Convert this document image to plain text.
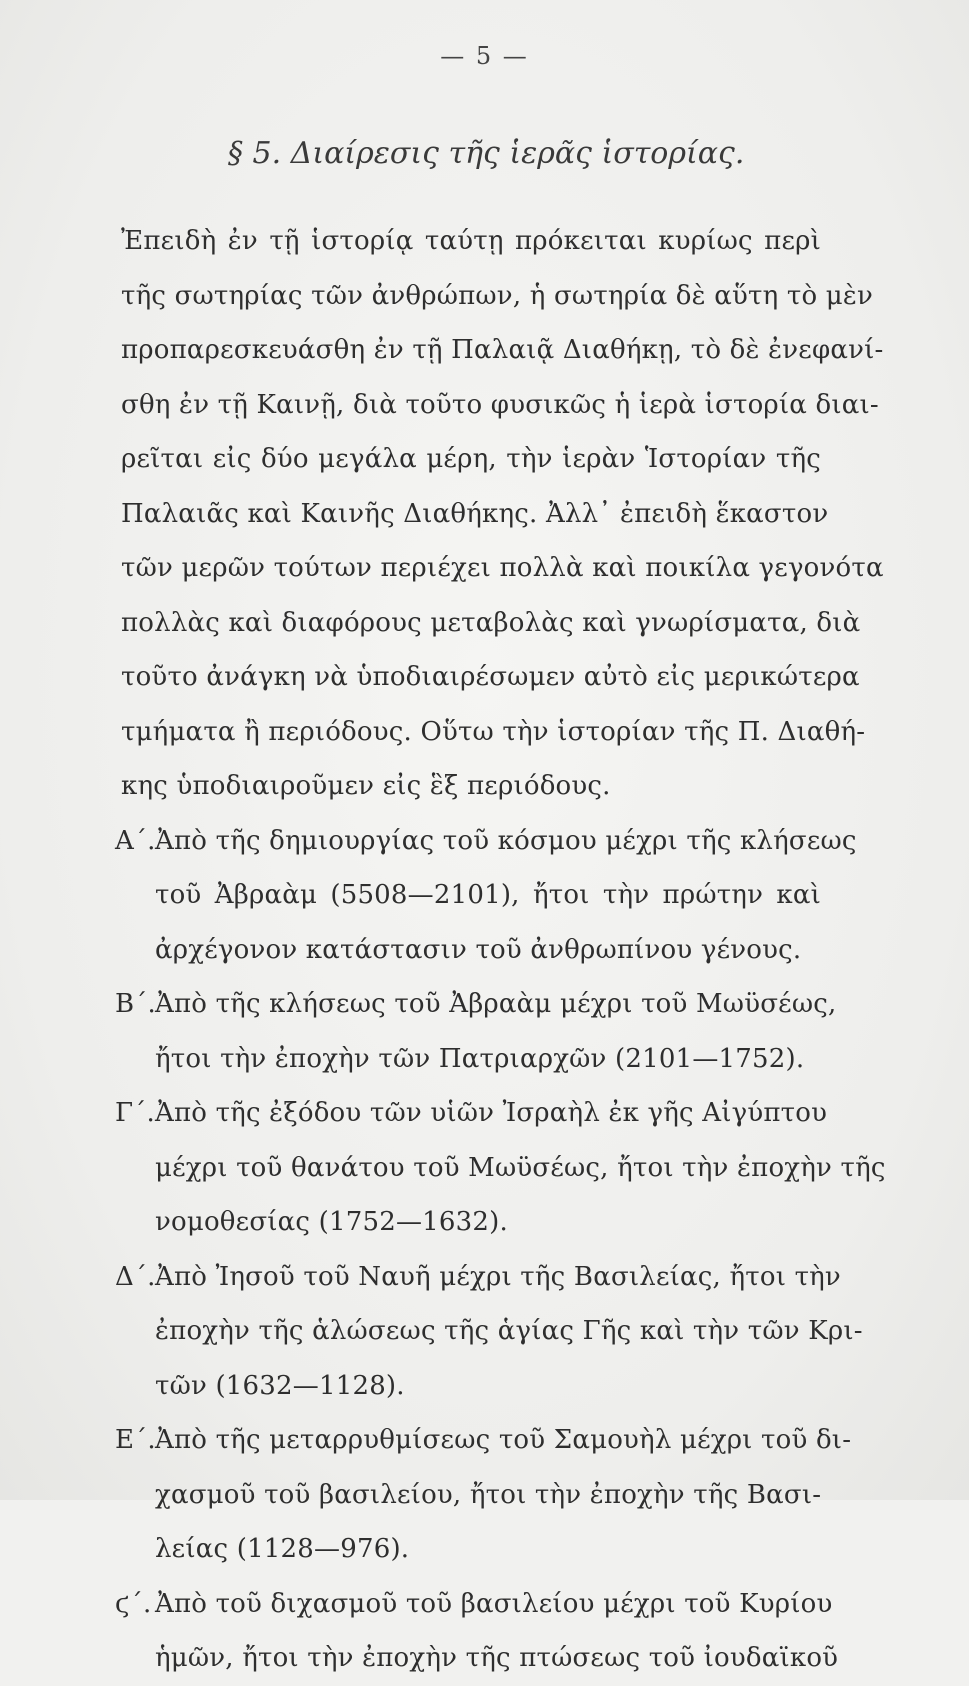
— 5 —
§ 5. Διαίρεσις τῆς ἱερᾶς ἱστορίας.
Ἐπειδὴ ἐν τῇ ἱστορίᾳ ταύτῃ πρόκειται κυρίως περὶ
τῆς σωτηρίας τῶν ἀνθρώπων, ἡ σωτηρία δὲ αὕτη τὸ μὲν
προπαρεσκευάσθη ἐν τῇ Παλαιᾷ Διαθήκῃ, τὸ δὲ ἐνεφανί-
σθη ἐν τῇ Καινῇ, διὰ τοῦτο φυσικῶς ἡ ἱερὰ ἱστορία διαι-
ρεῖται εἰς δύο μεγάλα μέρη, τὴν ἱερὰν Ἱστορίαν τῆς
Παλαιᾶς καὶ Καινῆς Διαθήκης. Ἀλλ᾽ ἐπειδὴ ἕκαστον
τῶν μερῶν τούτων περιέχει πολλὰ καὶ ποικίλα γεγονότα
πολλὰς καὶ διαφόρους μεταβολὰς καὶ γνωρίσματα, διὰ
τοῦτο ἀνάγκη νὰ ὑποδιαιρέσωμεν αὐτὸ εἰς μερικώτερα
τμήματα ἢ περιόδους. Οὕτω τὴν ἱστορίαν τῆς Π. Διαθή-
κης ὑποδιαιροῦμεν εἰς ἓξ περιόδους.
Α΄. Ἀπὸ τῆς δημιουργίας τοῦ κόσμου μέχρι τῆς κλήσεως
τοῦ Ἀβραὰμ (5508—2101), ἤτοι τὴν πρώτην καὶ
ἀρχέγονον κατάστασιν τοῦ ἀνθρωπίνου γένους.
Β΄. Ἀπὸ τῆς κλήσεως τοῦ Ἀβραὰμ μέχρι τοῦ Μωϋσέως,
ἤτοι τὴν ἐποχὴν τῶν Πατριαρχῶν (2101—1752).
Γ΄. Ἀπὸ τῆς ἐξόδου τῶν υἱῶν Ἰσραὴλ ἐκ γῆς Αἰγύπτου
μέχρι τοῦ θανάτου τοῦ Μωϋσέως, ἤτοι τὴν ἐποχὴν τῆς
νομοθεσίας (1752—1632).
Δ΄. Ἀπὸ Ἰησοῦ τοῦ Ναυῆ μέχρι τῆς Βασιλείας, ἤτοι τὴν
ἐποχὴν τῆς ἁλώσεως τῆς ἁγίας Γῆς καὶ τὴν τῶν Κρι-
τῶν (1632—1128).
Ε΄. Ἀπὸ τῆς μεταρρυθμίσεως τοῦ Σαμουὴλ μέχρι τοῦ δι-
χασμοῦ τοῦ βασιλείου, ἤτοι τὴν ἐποχὴν τῆς Βασι-
λείας (1128—976).
ϛ΄. Ἀπὸ τοῦ διχασμοῦ τοῦ βασιλείου μέχρι τοῦ Κυρίου
ἡμῶν, ἤτοι τὴν ἐποχὴν τῆς πτώσεως τοῦ ἰουδαϊκοῦ
